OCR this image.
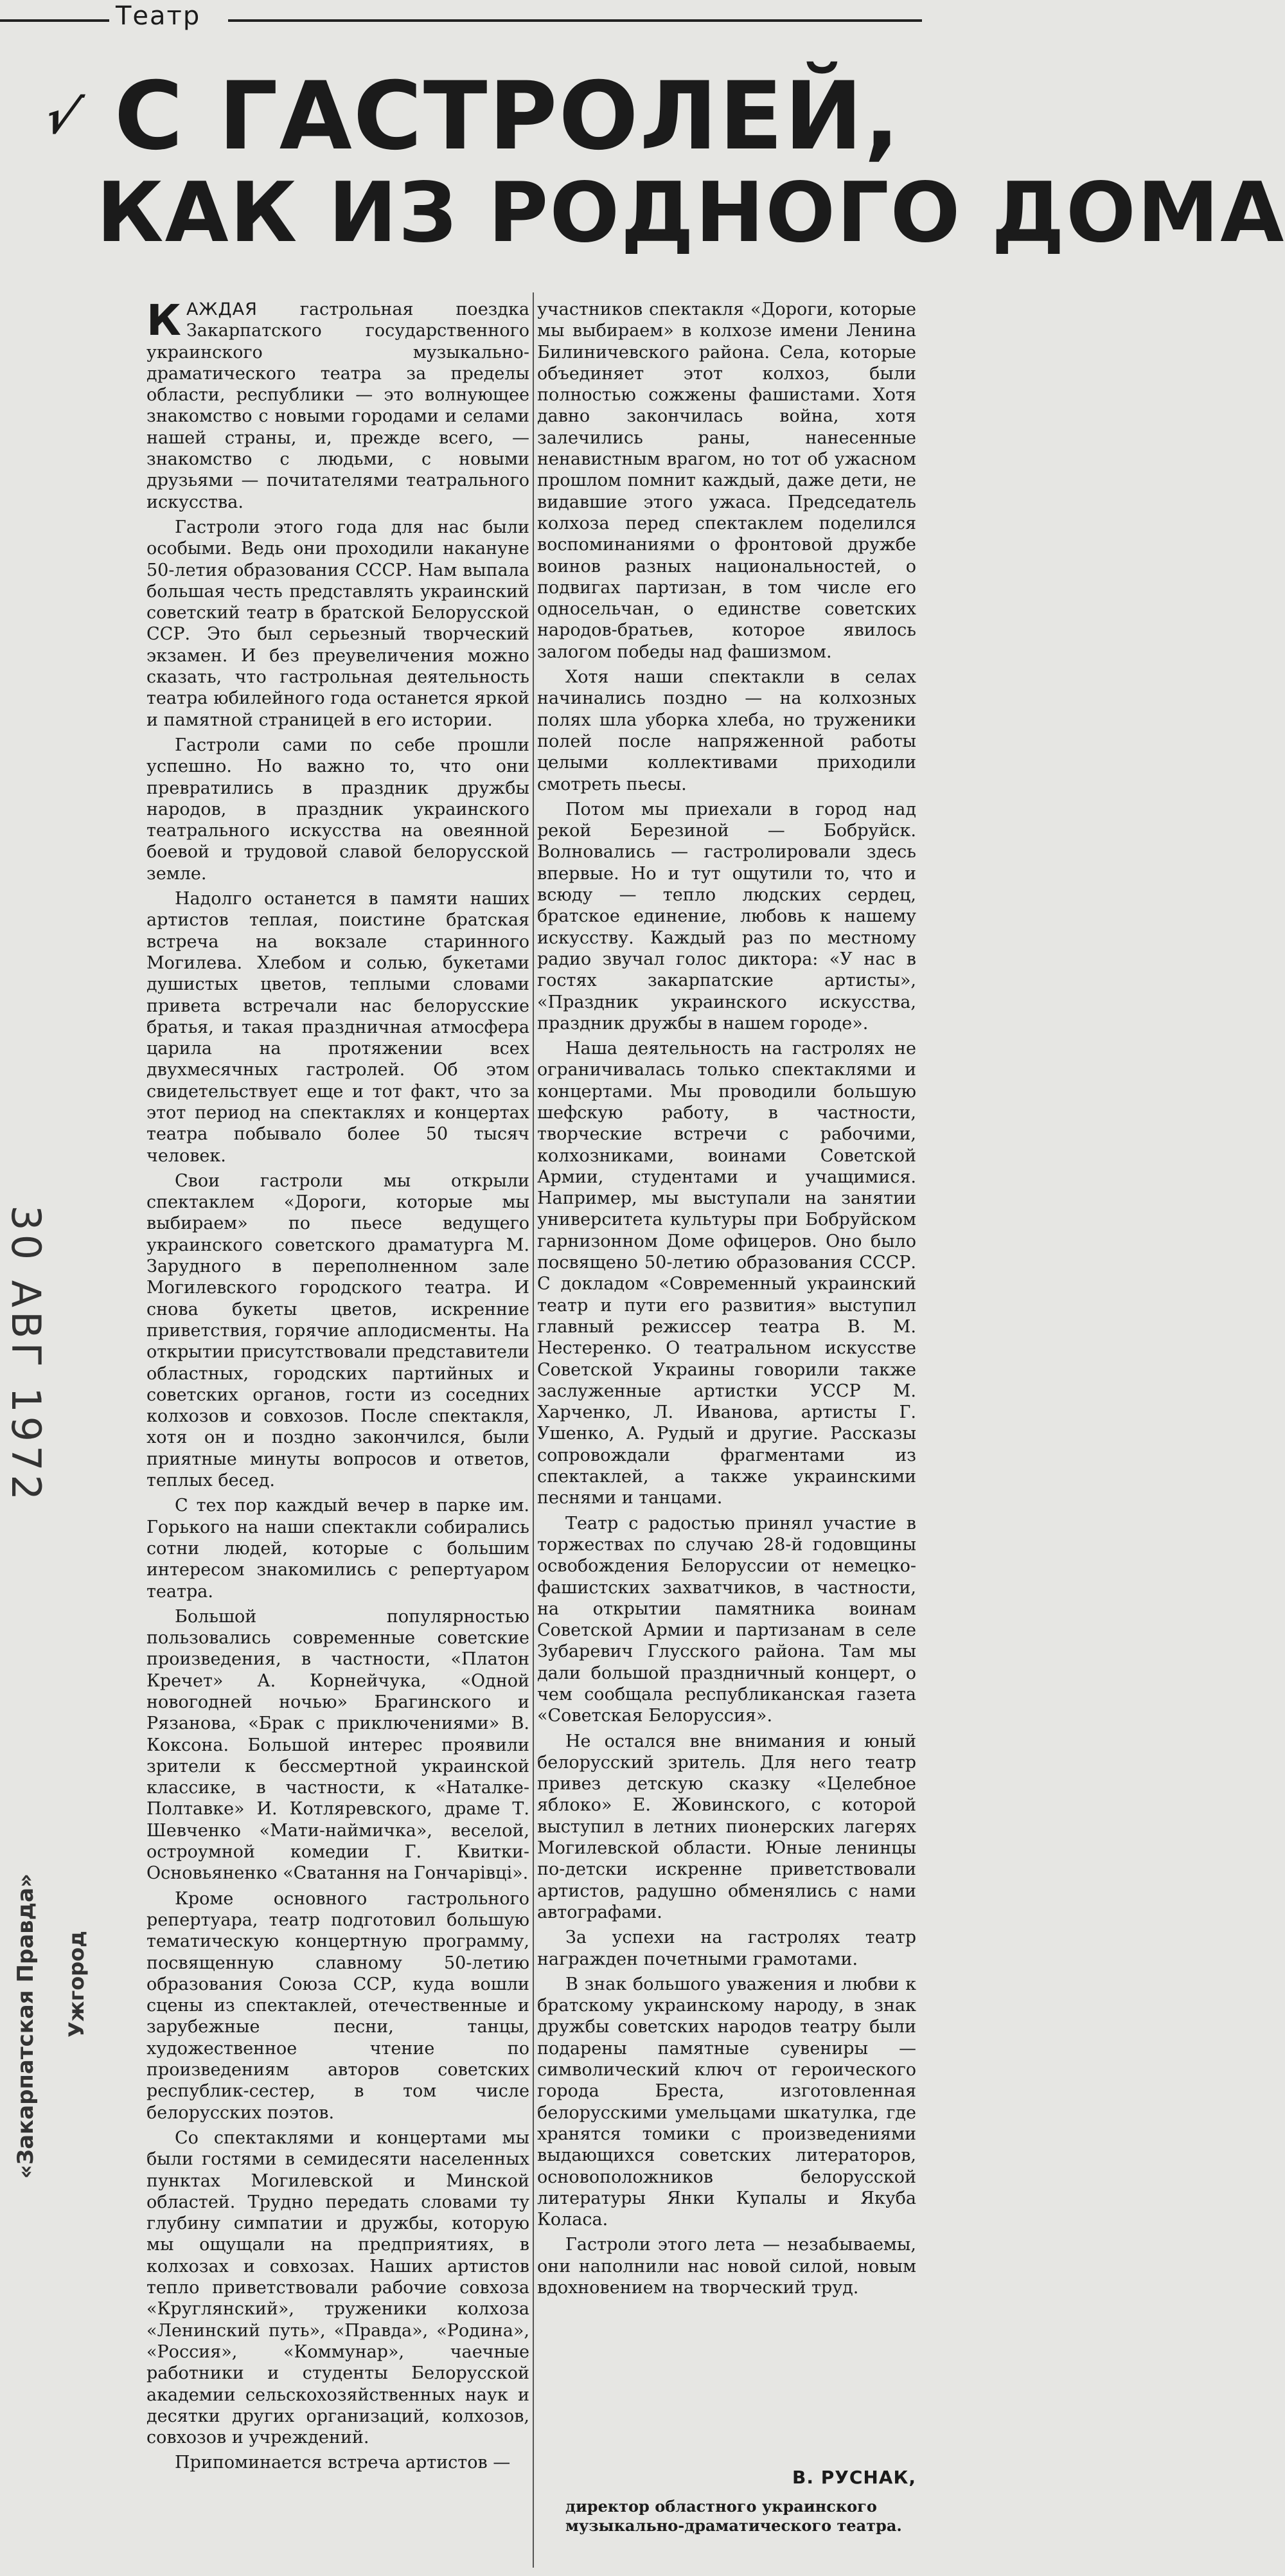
Театр
√ С ГАСТРОЛЕЙ,
КАК ИЗ РОДНОГО ДОМА

КАЖДАЯ гастрольная поездка Закарпатского государственного украинского музыкально-драматического театра за пределы области, республики — это волнующее знакомство с новыми городами и селами нашей страны, и, прежде всего, — знакомство с людьми, с новыми друзьями — почитателями театрального искусства.

Гастроли этого года для нас были особыми. Ведь они проходили накануне 50-летия образования СССР. Нам выпала большая честь представлять украинский советский театр в братской Белорусской ССР. Это был серьезный творческий экзамен. И без преувеличения можно сказать, что гастрольная деятельность театра юбилейного года останется яркой и памятной страницей в его истории.

Гастроли сами по себе прошли успешно. Но важно то, что они превратились в праздник дружбы народов, в праздник украинского театрального искусства на овеянной боевой и трудовой славой белорусской земле.

Надолго останется в памяти наших артистов теплая, поистине братская встреча на вокзале старинного Могилева. Хлебом и солью, букетами душистых цветов, теплыми словами привета встречали нас белорусские братья, и такая праздничная атмосфера царила на протяжении всех двухмесячных гастролей. Об этом свидетельствует еще и тот факт, что за этот период на спектаклях и концертах театра побывало более 50 тысяч человек.

Свои гастроли мы открыли спектаклем «Дороги, которые мы выбираем» по пьесе ведущего украинского советского драматурга М. Зарудного в переполненном зале Могилевского городского театра. И снова букеты цветов, искренние приветствия, горячие аплодисменты. На открытии присутствовали представители областных, городских партийных и советских органов, гости из соседних колхозов и совхозов. После спектакля, хотя он и поздно закончился, были приятные минуты вопросов и ответов, теплых бесед.

С тех пор каждый вечер в парке им. Горького на наши спектакли собирались сотни людей, которые с большим интересом знакомились с репертуаром театра.

Большой популярностью пользовались современные советские произведения, в частности, «Платон Кречет» А. Корнейчука, «Одной новогодней ночью» Брагинского и Рязанова, «Брак с приключениями» В. Коксона. Большой интерес проявили зрители к бессмертной украинской классике, в частности, к «Наталке-Полтавке» И. Котляревского, драме Т. Шевченко «Мати-наймичка», веселой, остроумной комедии Г. Квитки-Основьяненко «Сватання на Гончарівці».

Кроме основного гастрольного репертуара, театр подготовил большую тематическую концертную программу, посвященную славному 50-летию образования Союза ССР, куда вошли сцены из спектаклей, отечественные и зарубежные песни, танцы, художественное чтение по произведениям авторов советских республик-сестер, в том числе белорусских поэтов.

Со спектаклями и концертами мы были гостями в семидесяти населенных пунктах Могилевской и Минской областей. Трудно передать словами ту глубину симпатии и дружбы, которую мы ощущали на предприятиях, в колхозах и совхозах. Наших артистов тепло приветствовали рабочие совхоза «Круглянский», труженики колхоза «Ленинский путь», «Правда», «Родина», «Россия», «Коммунар», чаечные работники и студенты Белорусской академии сельскохозяйственных наук и десятки других организаций, колхозов, совхозов и учреждений.

Припоминается встреча артистов —

участников спектакля «Дороги, которые мы выбираем» в колхозе имени Ленина Билиничевского района. Села, которые объединяет этот колхоз, были полностью сожжены фашистами. Хотя давно закончилась война, хотя залечились раны, нанесенные ненавистным врагом, но тот об ужасном прошлом помнит каждый, даже дети, не видавшие этого ужаса. Председатель колхоза перед спектаклем поделился воспоминаниями о фронтовой дружбе воинов разных национальностей, о подвигах партизан, в том числе его односельчан, о единстве советских народов-братьев, которое явилось залогом победы над фашизмом.

Хотя наши спектакли в селах начинались поздно — на колхозных полях шла уборка хлеба, но труженики полей после напряженной работы целыми коллективами приходили смотреть пьесы.

Потом мы приехали в город над рекой Березиной — Бобруйск. Волновались — гастролировали здесь впервые. Но и тут ощутили то, что и всюду — тепло людских сердец, братское единение, любовь к нашему искусству. Каждый раз по местному радио звучал голос диктора: «У нас в гостях закарпатские артисты», «Праздник украинского искусства, праздник дружбы в нашем городе».

Наша деятельность на гастролях не ограничивалась только спектаклями и концертами. Мы проводили большую шефскую работу, в частности, творческие встречи с рабочими, колхозниками, воинами Советской Армии, студентами и учащимися. Например, мы выступали на занятии университета культуры при Бобруйском гарнизонном Доме офицеров. Оно было посвящено 50-летию образования СССР. С докладом «Современный украинский театр и пути его развития» выступил главный режиссер театра В. М. Нестеренко. О театральном искусстве Советской Украины говорили также заслуженные артистки УССР М. Харченко, Л. Иванова, артисты Г. Ушенко, А. Рудый и другие. Рассказы сопровождали фрагментами из спектаклей, а также украинскими песнями и танцами.

Театр с радостью принял участие в торжествах по случаю 28-й годовщины освобождения Белоруссии от немецко-фашистских захватчиков, в частности, на открытии памятника воинам Советской Армии и партизанам в селе Зубаревич Глусского района. Там мы дали большой праздничный концерт, о чем сообщала республиканская газета «Советская Белоруссия».

Не остался вне внимания и юный белорусский зритель. Для него театр привез детскую сказку «Целебное яблоко» Е. Жовинского, с которой выступил в летних пионерских лагерях Могилевской области. Юные ленинцы по-детски искренне приветствовали артистов, радушно обменялись с нами автографами.

За успехи на гастролях театр награжден почетными грамотами.

В знак большого уважения и любви к братскому украинскому народу, в знак дружбы советских народов театру были подарены памятные сувениры — символический ключ от героического города Бреста, изготовленная белорусскими умельцами шкатулка, где хранятся томики с произведениями выдающихся советских литераторов, основоположников белорусской литературы Янки Купалы и Якуба Коласа.

Гастроли этого лета — незабываемы, они наполнили нас новой силой, новым вдохновением на творческий труд.

В. РУСНАК,
директор областного украинского музыкально-драматического театра.
30 АВГ 1972
«Закарпатская Правда» Ужгород
